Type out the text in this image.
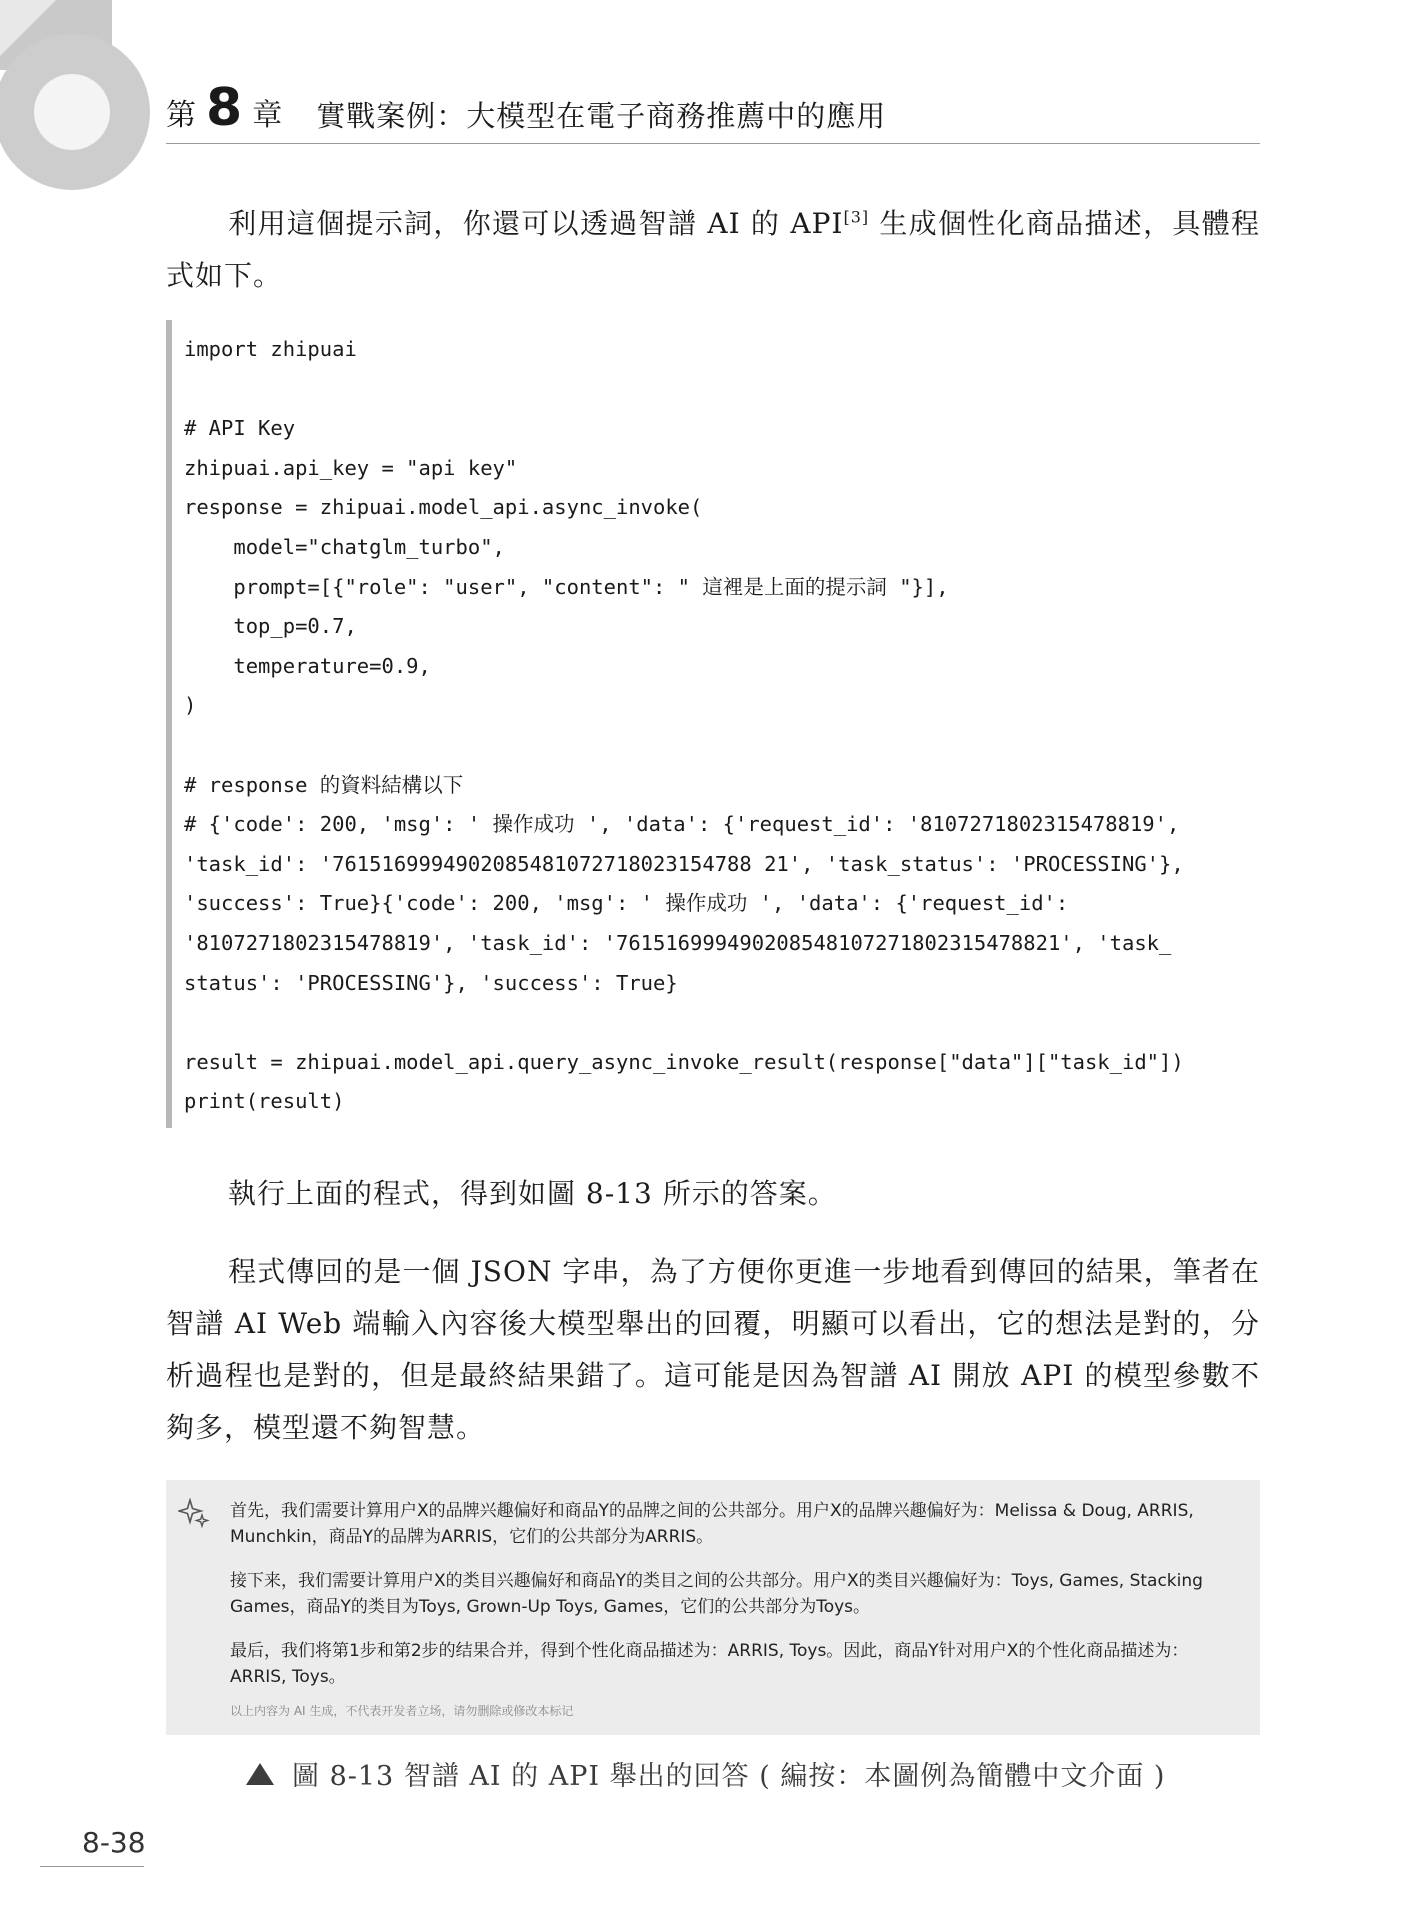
第 8 章 實戰案例：大模型在電子商務推薦中的應用

利用這個提示詞，你還可以透過智譜 AI 的 API[3] 生成個性化商品描述，具體程式如下。

import zhipuai
# API Key
zhipuai.api_key = "api key"
response = zhipuai.model_api.async_invoke(
model="chatglm_turbo",
prompt=[{"role": "user", "content": " 這裡是上面的提示詞 "}],
top_p=0.7,
temperature=0.9,
)
# response 的資料結構以下
# {'code': 200, 'msg': ' 操作成功 ', 'data': {'request_id': '8107271802315478819',
'task_id': '7615169994902085481072718023154788 21', 'task_status': 'PROCESSING'},
'success': True}{'code': 200, 'msg': ' 操作成功 ', 'data': {'request_id':
'8107271802315478819', 'task_id': '761516999490208548107271802315478821', 'task_
status': 'PROCESSING'}, 'success': True}
result = zhipuai.model_api.query_async_invoke_result(response["data"]["task_id"])
print(result)

執行上面的程式，得到如圖 8-13 所示的答案。

程式傳回的是一個 JSON 字串，為了方便你更進一步地看到傳回的結果，筆者在智譜 AI Web 端輸入內容後大模型舉出的回覆，明顯可以看出，它的想法是對的，分析過程也是對的，但是最終結果錯了。這可能是因為智譜 AI 開放 API 的模型參數不夠多，模型還不夠智慧。

首先，我们需要计算用户X的品牌兴趣偏好和商品Y的品牌之间的公共部分。用户X的品牌兴趣偏好为：Melissa & Doug, ARRIS, Munchkin，商品Y的品牌为ARRIS，它们的公共部分为ARRIS。

接下来，我们需要计算用户X的类目兴趣偏好和商品Y的类目之间的公共部分。用户X的类目兴趣偏好为：Toys, Games, Stacking Games，商品Y的类目为Toys, Grown-Up Toys, Games，它们的公共部分为Toys。

最后，我们将第1步和第2步的结果合并，得到个性化商品描述为：ARRIS, Toys。因此，商品Y针对用户X的个性化商品描述为：ARRIS, Toys。

以上内容为 AI 生成，不代表开发者立场，请勿删除或修改本标记
圖 8-13 智譜 AI 的 API 舉出的回答 ( 編按：本圖例為簡體中文介面 )
8-38
